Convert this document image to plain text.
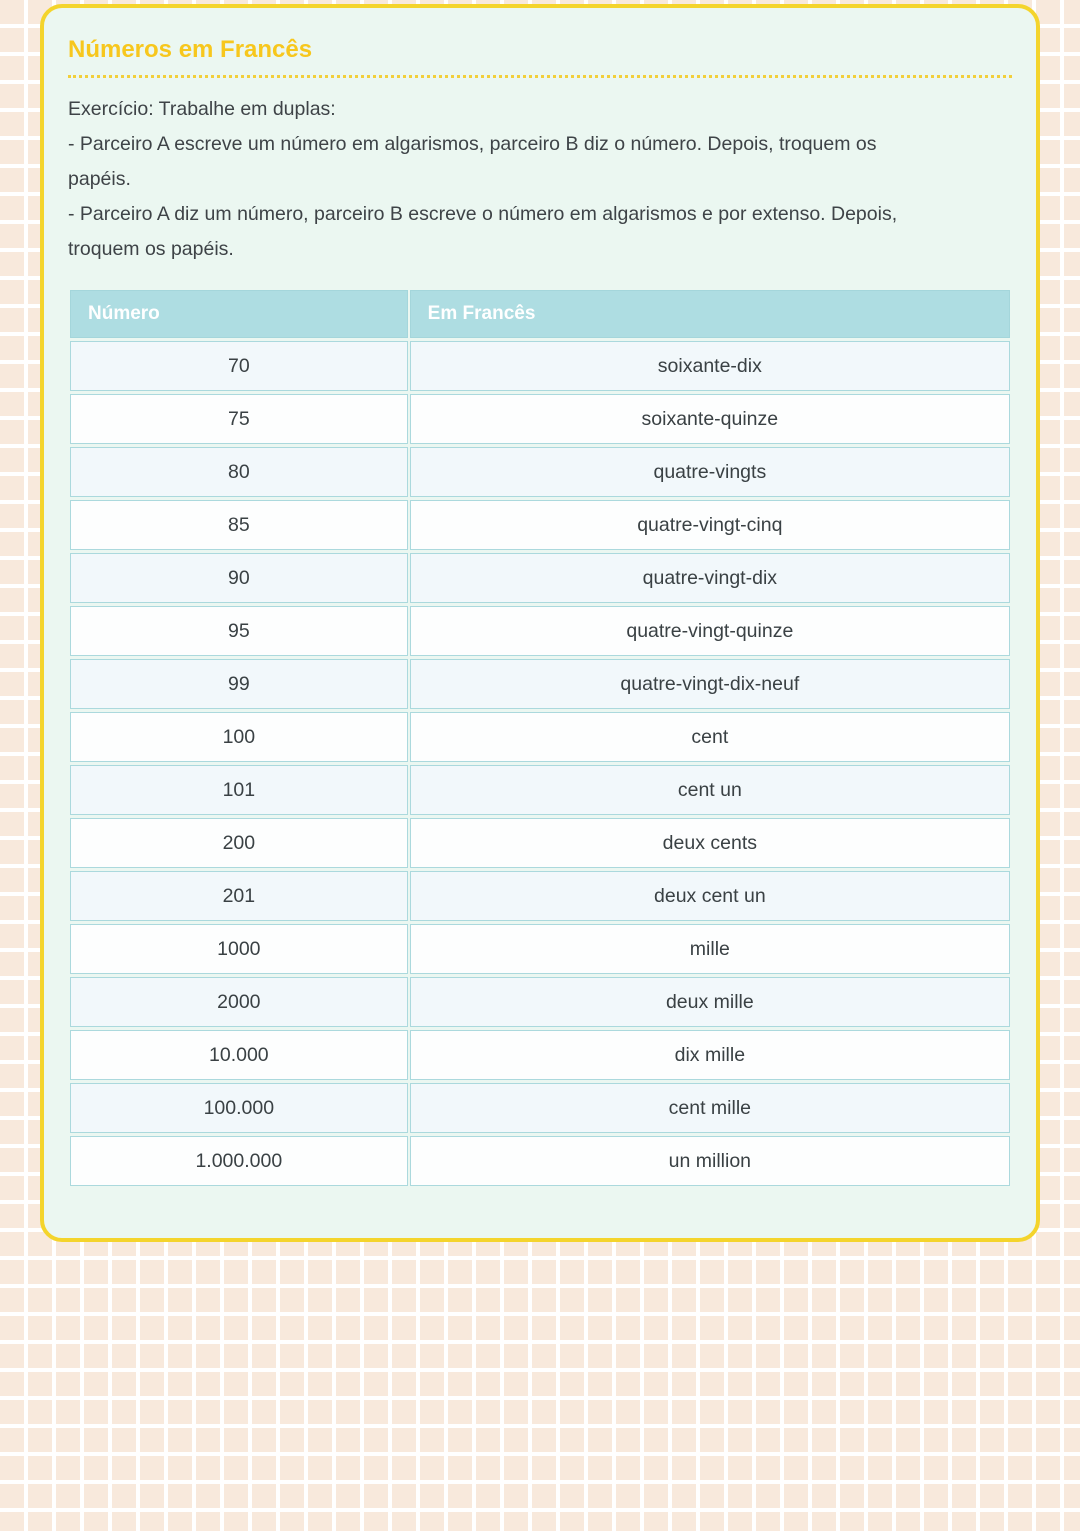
Números em Francês
Exercício: Trabalhe em duplas:
- Parceiro A escreve um número em algarismos, parceiro B diz o número. Depois, troquem os
papéis.
- Parceiro A diz um número, parceiro B escreve o número em algarismos e por extenso. Depois,
troquem os papéis.
Número	Em Francês
70	soixante-dix
75	soixante-quinze
80	quatre-vingts
85	quatre-vingt-cinq
90	quatre-vingt-dix
95	quatre-vingt-quinze
99	quatre-vingt-dix-neuf
100	cent
101	cent un
200	deux cents
201	deux cent un
1000	mille
2000	deux mille
10.000	dix mille
100.000	cent mille
1.000.000	un million
